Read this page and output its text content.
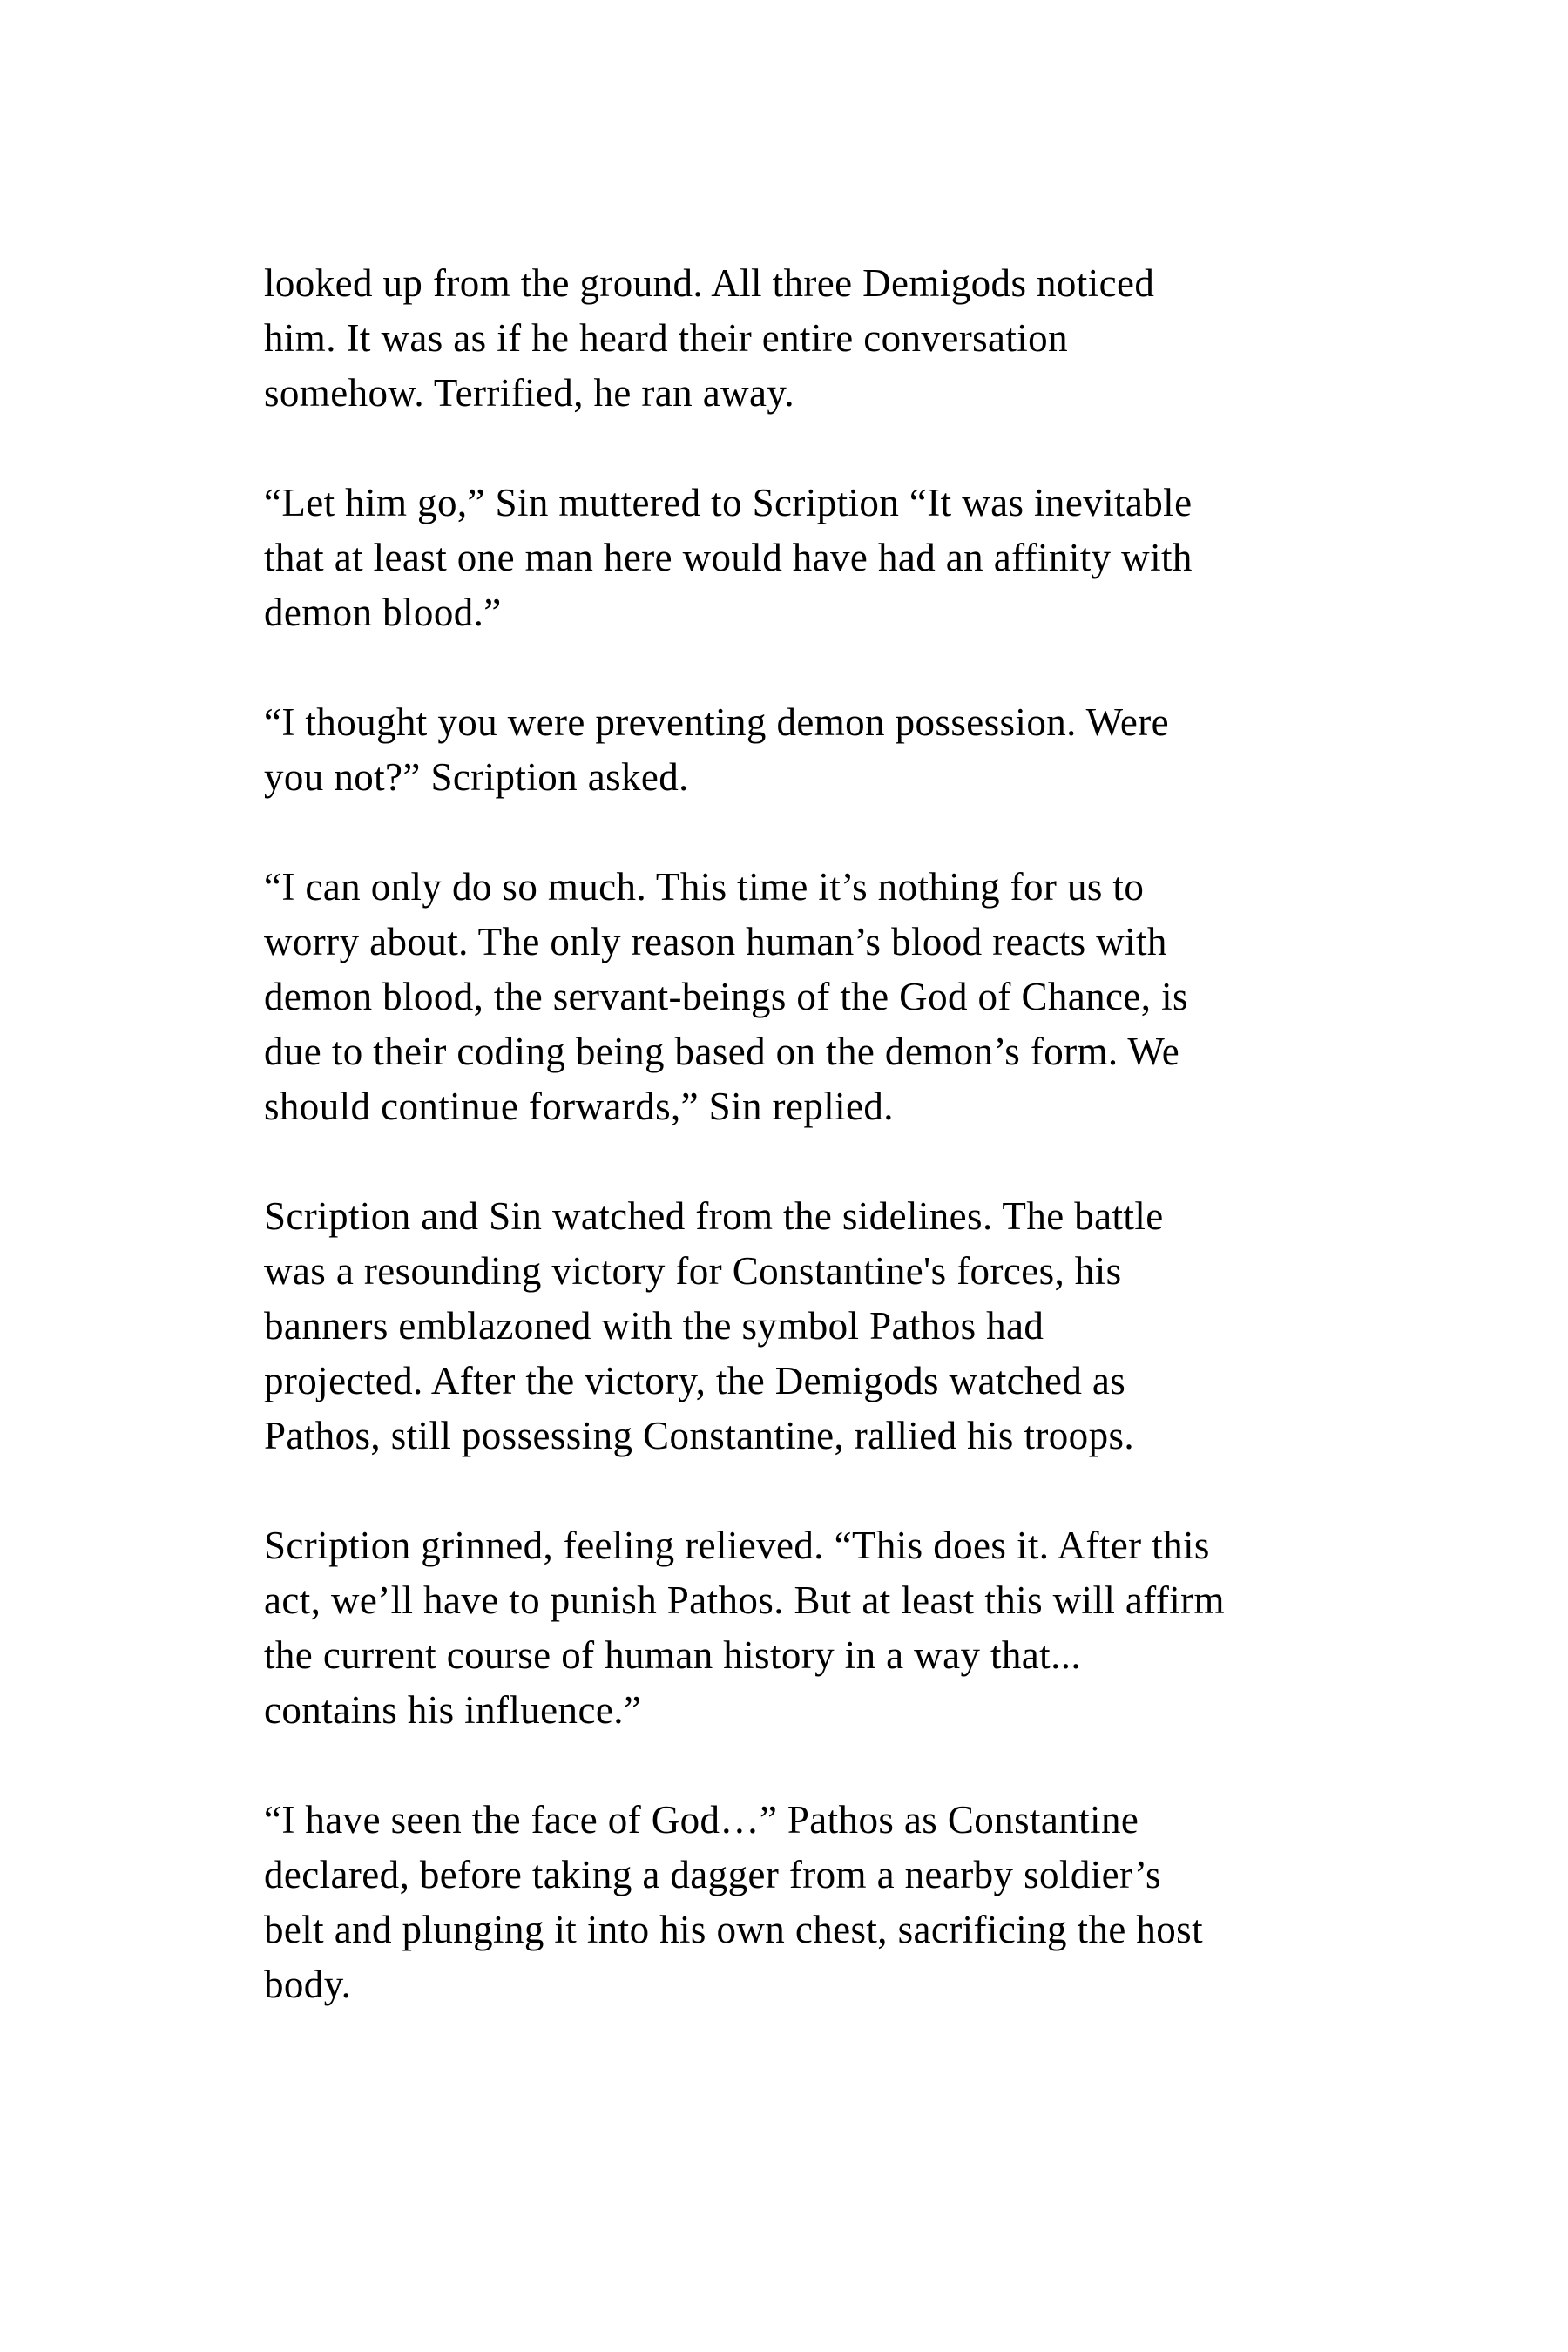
looked up from the ground. All three Demigods noticed
him. It was as if he heard their entire conversation
somehow. Terrified, he ran away.

“Let him go,” Sin muttered to Scription “It was inevitable
that at least one man here would have had an affinity with
demon blood.”

“I thought you were preventing demon possession. Were
you not?” Scription asked.

“I can only do so much. This time it’s nothing for us to
worry about. The only reason human’s blood reacts with
demon blood, the servant-beings of the God of Chance, is
due to their coding being based on the demon’s form. We
should continue forwards,” Sin replied.

Scription and Sin watched from the sidelines. The battle
was a resounding victory for Constantine's forces, his
banners emblazoned with the symbol Pathos had
projected. After the victory, the Demigods watched as
Pathos, still possessing Constantine, rallied his troops.

Scription grinned, feeling relieved. “This does it. After this
act, we’ll have to punish Pathos. But at least this will affirm
the current course of human history in a way that...
contains his influence.”

“I have seen the face of God…” Pathos as Constantine
declared, before taking a dagger from a nearby soldier’s
belt and plunging it into his own chest, sacrificing the host
body.
